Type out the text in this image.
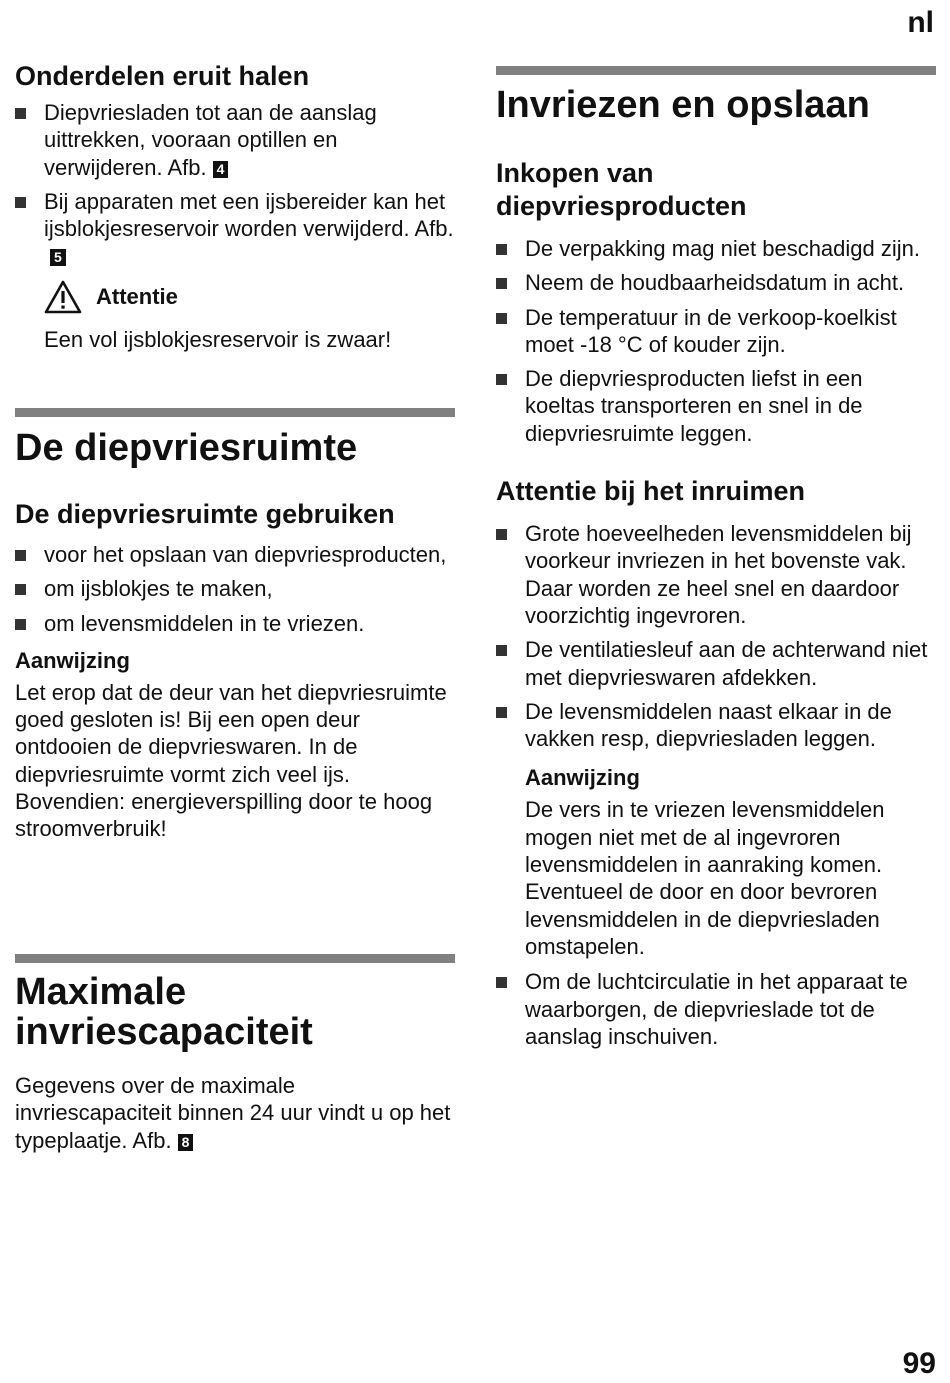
nl
Onderdelen eruit halen
Diepvriesladen tot aan de aanslag uittrekken, vooraan optillen en verwijderen. Afb. 4
Bij apparaten met een ijsbereider kan het ijsblokjesreservoir worden verwijderd. Afb.5
Attentie

Een vol ijsblokjesreservoir is zwaar!

De diepvriesruimte
De diepvriesruimte gebruiken
voor het opslaan van diepvriesproducten,
om ijsblokjes te maken,
om levensmiddelen in te vriezen.

Aanwijzing

Let erop dat de deur van het diepvriesruimte goed gesloten is! Bij een open deur ontdooien de diepvrieswaren. In de diepvriesruimte vormt zich veel ijs. Bovendien: energieverspilling door te hoog stroomverbruik!

Maximale
invriescapaciteit

Gegevens over de maximale invriescapaciteit binnen 24 uur vindt u op het typeplaatje. Afb. 8

Invriezen en opslaan
Inkopen van
diepvriesproducten
De verpakking mag niet beschadigd zijn.
Neem de houdbaarheidsdatum in acht.
De temperatuur in de verkoop-koelkist moet -18 °C of kouder zijn.
De diepvriesproducten liefst in een koeltas transporteren en snel in de diepvriesruimte leggen.
Attentie bij het inruimen
Grote hoeveelheden levensmiddelen bij voorkeur invriezen in het bovenste vak. Daar worden ze heel snel en daardoor voorzichtig ingevroren.
De ventilatiesleuf aan de achterwand niet met diepvrieswaren afdekken.
De levensmiddelen naast elkaar in de vakken resp, diepvriesladen leggen.

Aanwijzing

De vers in te vriezen levensmiddelen mogen niet met de al ingevroren levensmiddelen in aanraking komen. Eventueel de door en door bevroren levensmiddelen in de diepvriesladen omstapelen.

Om de luchtcirculatie in het apparaat te waarborgen, de diepvrieslade tot de aanslag inschuiven.
99
